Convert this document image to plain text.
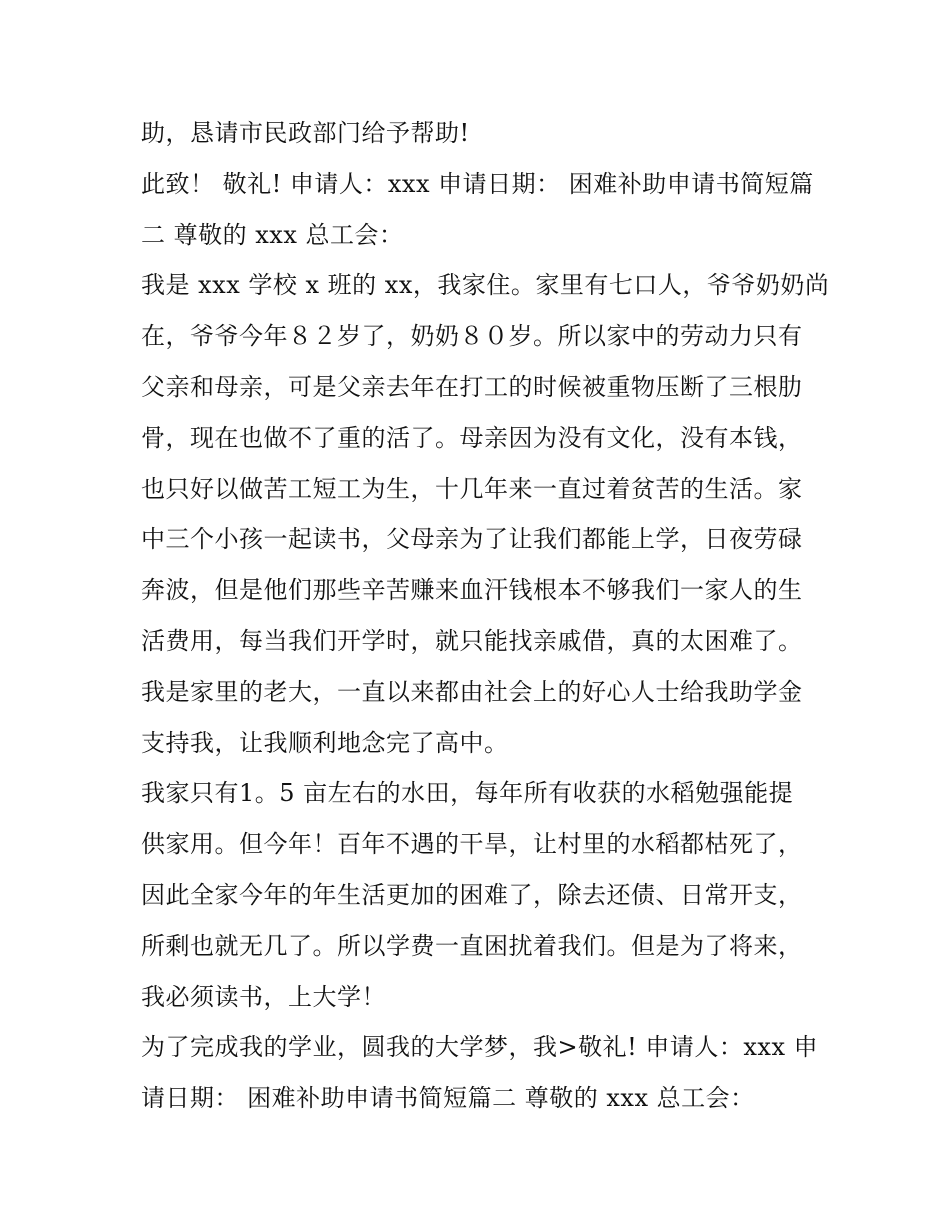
助，恳请市民政部门给予帮助!
此致！ 敬礼! 申请人：xxx 申请日期： 困难补助申请书简短篇
二 尊敬的 xxx 总工会：
我是 xxx 学校 x 班的 xx，我家住。家里有七口人，爷爷奶奶尚
在，爷爷今年８２岁了，奶奶８０岁。所以家中的劳动力只有
父亲和母亲，可是父亲去年在打工的时候被重物压断了三根肋
骨，现在也做不了重的活了。母亲因为没有文化，没有本钱，
也只好以做苦工短工为生，十几年来一直过着贫苦的生活。家
中三个小孩一起读书，父母亲为了让我们都能上学，日夜劳碌
奔波，但是他们那些辛苦赚来血汗钱根本不够我们一家人的生
活费用，每当我们开学时，就只能找亲戚借，真的太困难了。
我是家里的老大，一直以来都由社会上的好心人士给我助学金
支持我，让我顺利地念完了高中。
我家只有1。5 亩左右的水田，每年所有收获的水稻勉强能提
供家用。但今年！百年不遇的干旱，让村里的水稻都枯死了，
因此全家今年的年生活更加的困难了，除去还债、日常开支，
所剩也就无几了。所以学费一直困扰着我们。但是为了将来，
我必须读书，上大学！
为了完成我的学业，圆我的大学梦，我>敬礼! 申请人：xxx 申
请日期： 困难补助申请书简短篇二 尊敬的 xxx 总工会：
